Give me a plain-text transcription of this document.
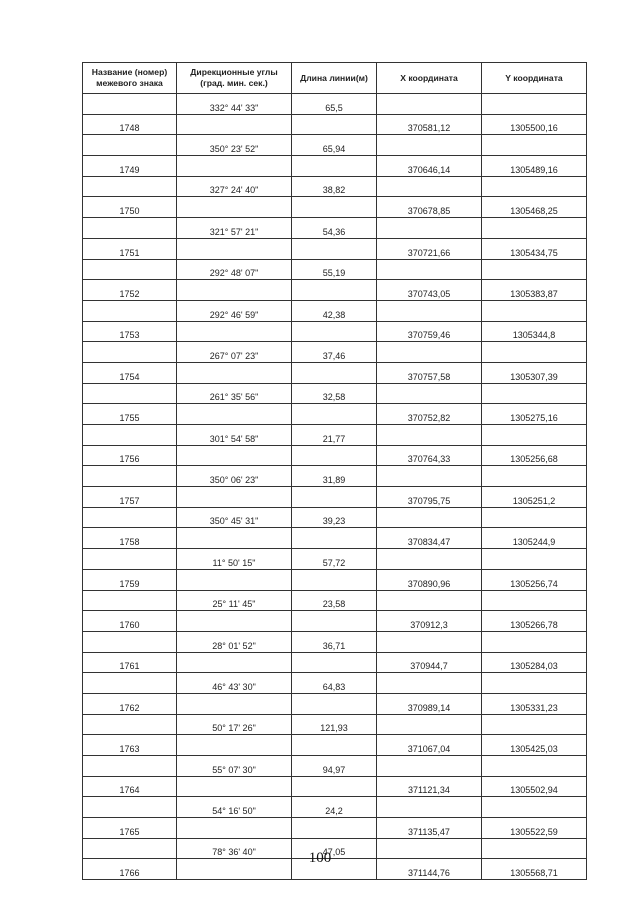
Название (номер) межевого знака	Дирекционные углы (град. мин. сек.)	Длина линии(м)	X координата	Y координата
	332° 44' 33"	65,5		
1748			370581,12	1305500,16
	350° 23' 52"	65,94		
1749			370646,14	1305489,16
	327° 24' 40"	38,82		
1750			370678,85	1305468,25
	321° 57' 21"	54,36		
1751			370721,66	1305434,75
	292° 48' 07"	55,19		
1752			370743,05	1305383,87
	292° 46' 59"	42,38		
1753			370759,46	1305344,8
	267° 07' 23"	37,46		
1754			370757,58	1305307,39
	261° 35' 56"	32,58		
1755			370752,82	1305275,16
	301° 54' 58"	21,77		
1756			370764,33	1305256,68
	350° 06' 23"	31,89		
1757			370795,75	1305251,2
	350° 45' 31"	39,23		
1758			370834,47	1305244,9
	11° 50' 15"	57,72		
1759			370890,96	1305256,74
	25° 11' 45"	23,58		
1760			370912,3	1305266,78
	28° 01' 52"	36,71		
1761			370944,7	1305284,03
	46° 43' 30"	64,83		
1762			370989,14	1305331,23
	50° 17' 26"	121,93		
1763			371067,04	1305425,03
	55° 07' 30"	94,97		
1764			371121,34	1305502,94
	54° 16' 50"	24,2		
1765			371135,47	1305522,59
	78° 36' 40"	47,05		
1766			371144,76	1305568,71
100
